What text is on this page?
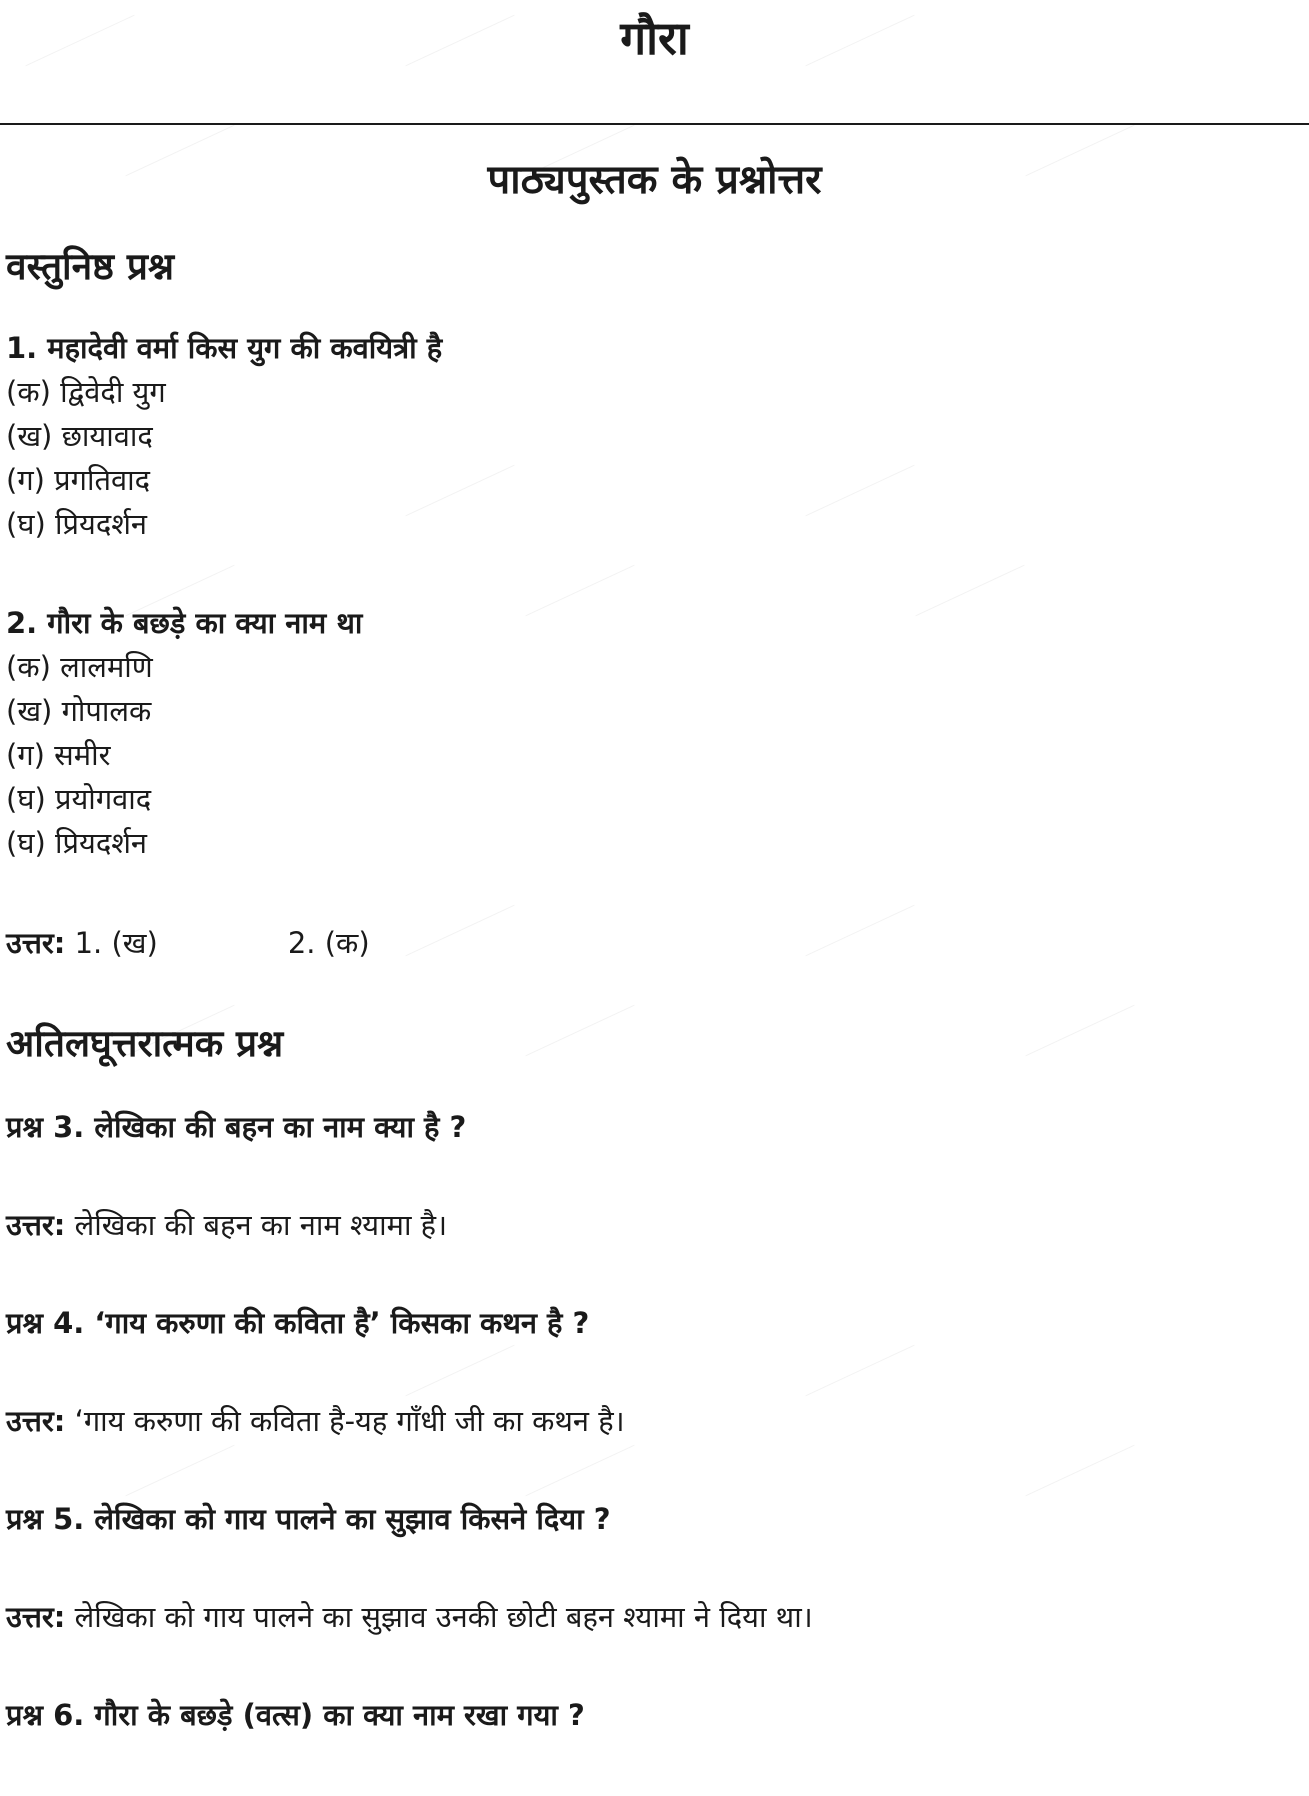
गौरा
पाठ्यपुस्तक के प्रश्नोत्तर
वस्तुनिष्ठ प्रश्न

1. महादेवी वर्मा किस युग की कवयित्री है

(क) द्विवेदी युग

(ख) छायावाद

(ग) प्रगतिवाद

(घ) प्रियदर्शन

2. गौरा के बछड़े का क्या नाम था

(क) लालमणि

(ख) गोपालक

(ग) समीर

(घ) प्रयोगवाद

(घ) प्रियदर्शन

उत्तर: 1. (ख)	2. (क)

अतिलघूत्तरात्मक प्रश्न

प्रश्न 3. लेखिका की बहन का नाम क्या है ?

उत्तर: लेखिका की बहन का नाम श्यामा है।

प्रश्न 4. ‘गाय करुणा की कविता है’ किसका कथन है ?

उत्तर: ‘गाय करुणा की कविता है-यह गाँधी जी का कथन है।

प्रश्न 5. लेखिका को गाय पालने का सुझाव किसने दिया ?

उत्तर: लेखिका को गाय पालने का सुझाव उनकी छोटी बहन श्यामा ने दिया था।

प्रश्न 6. गौरा के बछड़े (वत्स) का क्या नाम रखा गया ?
